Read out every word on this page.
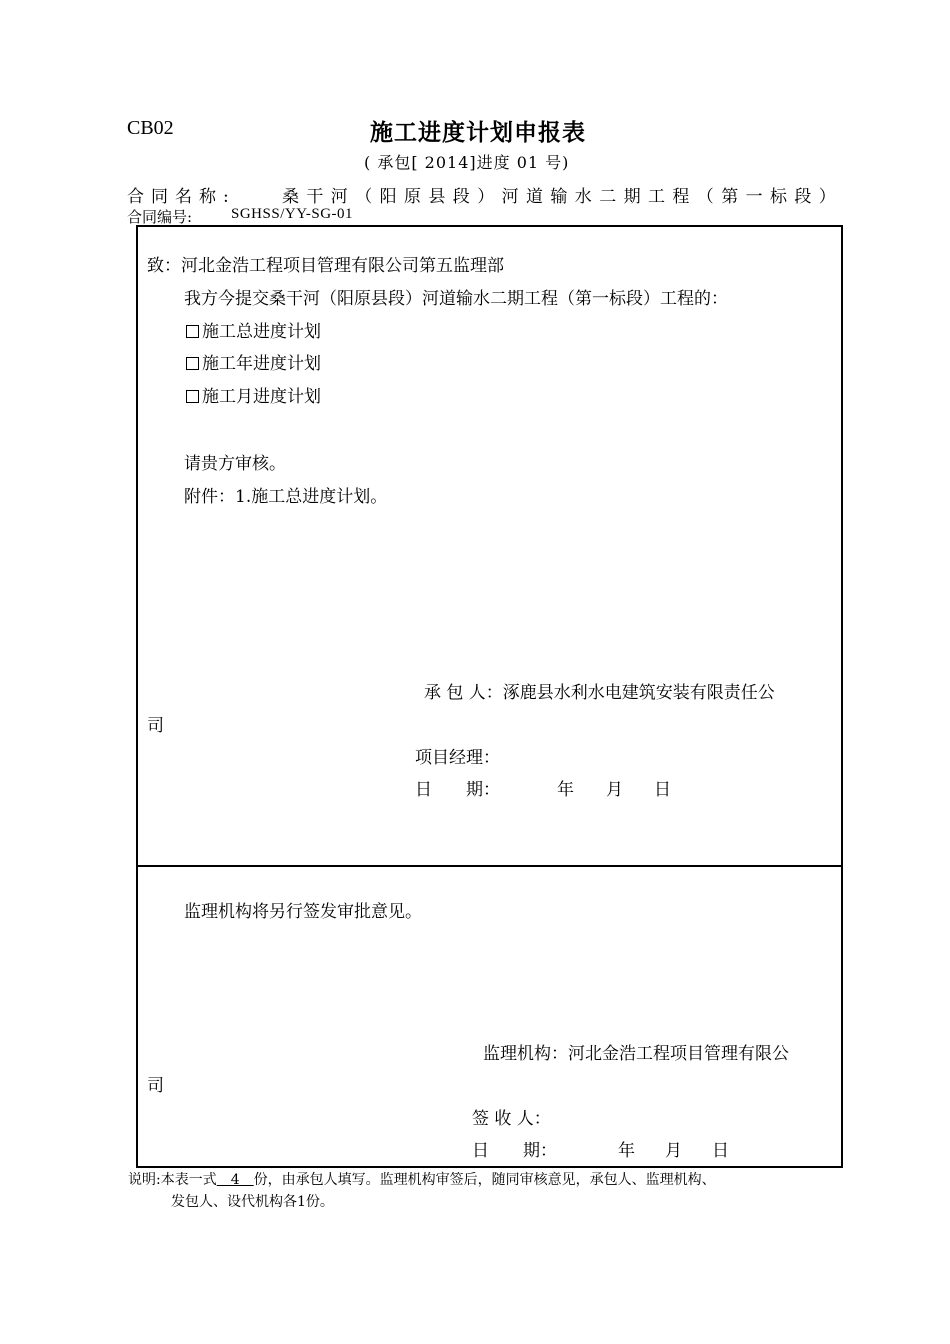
CB02	施工进度计划申报表
( 承包[ 2014]进度 01 号)
合同名称:	桑干河（阳原县段）河道输水二期工程（第一标段）
合同编号:	SGHSS/YY-SG-01
致：河北金浩工程项目管理有限公司第五监理部
我方今提交桑干河（阳原县段）河道输水二期工程（第一标段）工程的：
施工总进度计划
施工年进度计划
施工月进度计划
请贵方审核。
附件：1.施工总进度计划。
承 包 人：涿鹿县水利水电建筑安装有限责任公
司
项目经理：
日　　期：	年 月 日
监理机构将另行签发审批意见。
监理机构：河北金浩工程项目管理有限公
司
签 收 人：
日　　期：	年 月 日
说明:本表一式　4　份，由承包人填写。监理机构审签后，随同审核意见，承包人、监理机构、
发包人、设代机构各1份。
